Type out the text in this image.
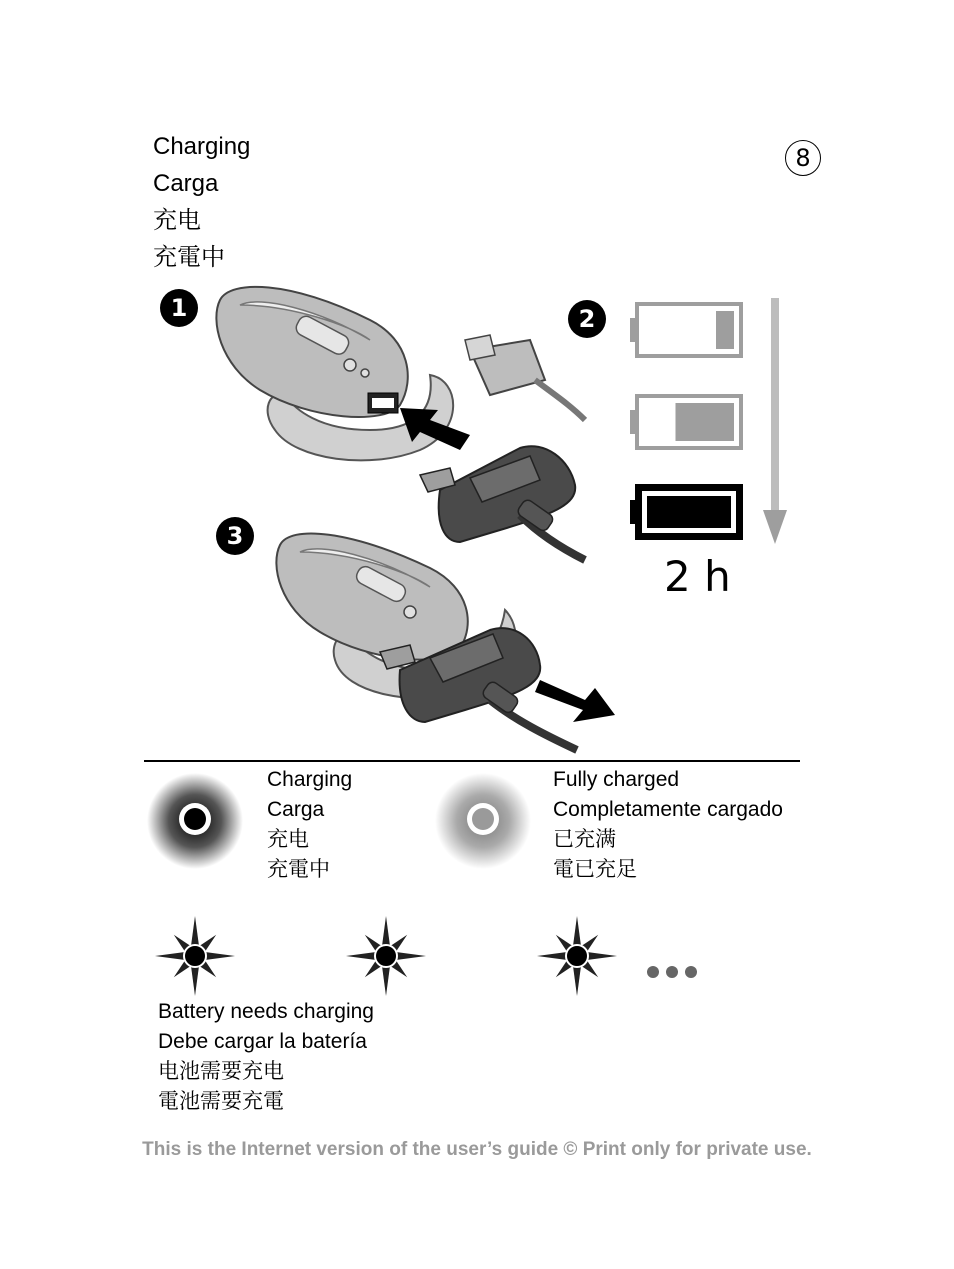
Charging
Carga
充电
充電中
8
1	2
3
2 h
Charging
Carga
充电
充電中
Fully charged
Completamente cargado
已充满
電已充足
Battery needs charging
Debe cargar la batería
电池需要充电
電池需要充電
This is the Internet version of the user’s guide © Print only for private use.
